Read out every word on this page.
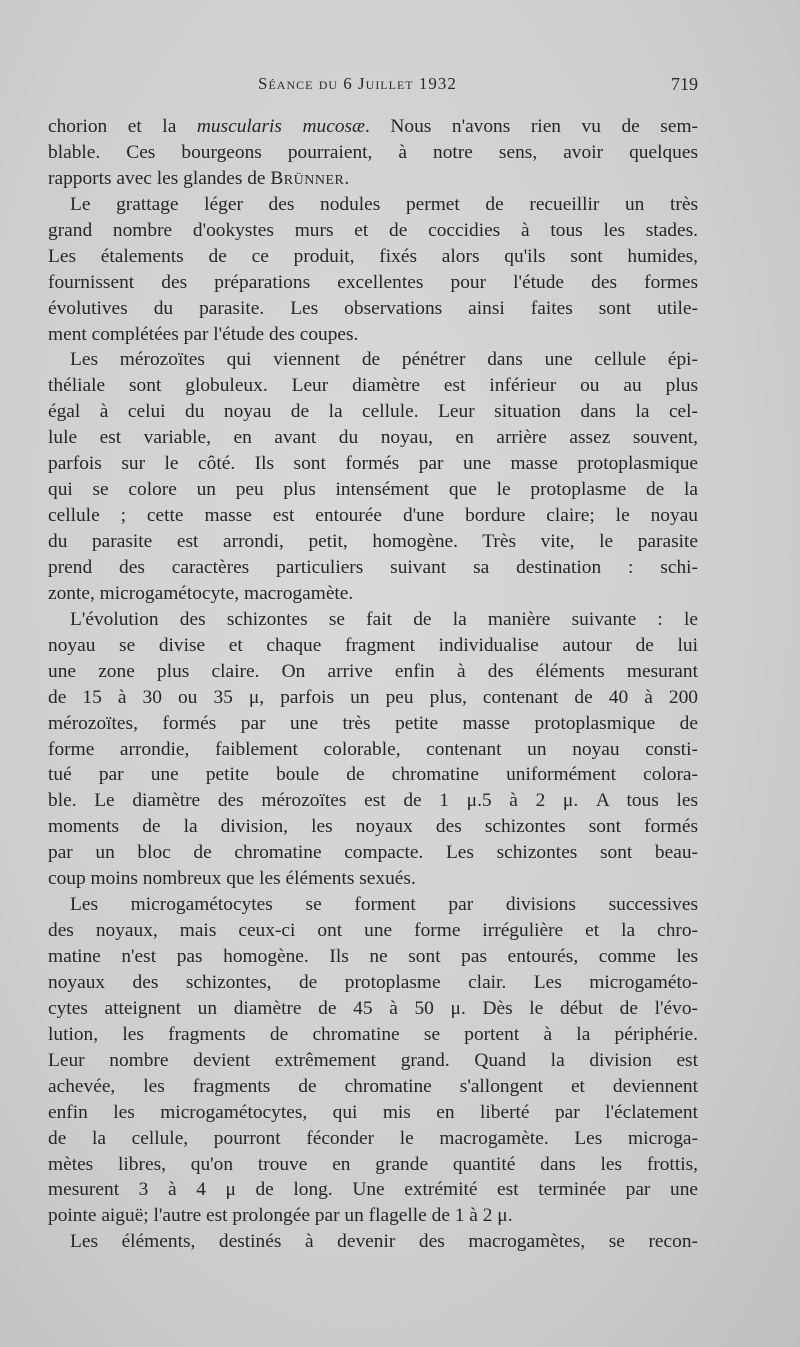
Séance du 6 Juillet 1932	719
chorion et la muscularis mucosæ. Nous n'avons rien vu de sem-
blable. Ces bourgeons pourraient, à notre sens, avoir quelques
rapports avec les glandes de Brünner.
Le grattage léger des nodules permet de recueillir un très
grand nombre d'ookystes murs et de coccidies à tous les stades.
Les étalements de ce produit, fixés alors qu'ils sont humides,
fournissent des préparations excellentes pour l'étude des formes
évolutives du parasite. Les observations ainsi faites sont utile-
ment complétées par l'étude des coupes.
Les mérozoïtes qui viennent de pénétrer dans une cellule épi-
théliale sont globuleux. Leur diamètre est inférieur ou au plus
égal à celui du noyau de la cellule. Leur situation dans la cel-
lule est variable, en avant du noyau, en arrière assez souvent,
parfois sur le côté. Ils sont formés par une masse protoplasmique
qui se colore un peu plus intensément que le protoplasme de la
cellule ; cette masse est entourée d'une bordure claire; le noyau
du parasite est arrondi, petit, homogène. Très vite, le parasite
prend des caractères particuliers suivant sa destination : schi-
zonte, microgamétocyte, macrogamète.
L'évolution des schizontes se fait de la manière suivante : le
noyau se divise et chaque fragment individualise autour de lui
une zone plus claire. On arrive enfin à des éléments mesurant
de 15 à 30 ou 35 μ, parfois un peu plus, contenant de 40 à 200
mérozoïtes, formés par une très petite masse protoplasmique de
forme arrondie, faiblement colorable, contenant un noyau consti-
tué par une petite boule de chromatine uniformément colora-
ble. Le diamètre des mérozoïtes est de 1 μ.5 à 2 μ. A tous les
moments de la division, les noyaux des schizontes sont formés
par un bloc de chromatine compacte. Les schizontes sont beau-
coup moins nombreux que les éléments sexués.
Les microgamétocytes se forment par divisions successives
des noyaux, mais ceux-ci ont une forme irrégulière et la chro-
matine n'est pas homogène. Ils ne sont pas entourés, comme les
noyaux des schizontes, de protoplasme clair. Les microgaméto-
cytes atteignent un diamètre de 45 à 50 μ. Dès le début de l'évo-
lution, les fragments de chromatine se portent à la périphérie.
Leur nombre devient extrêmement grand. Quand la division est
achevée, les fragments de chromatine s'allongent et deviennent
enfin les microgamétocytes, qui mis en liberté par l'éclatement
de la cellule, pourront féconder le macrogamète. Les microga-
mètes libres, qu'on trouve en grande quantité dans les frottis,
mesurent 3 à 4 μ de long. Une extrémité est terminée par une
pointe aiguë; l'autre est prolongée par un flagelle de 1 à 2 μ.
Les éléments, destinés à devenir des macrogamètes, se recon-
